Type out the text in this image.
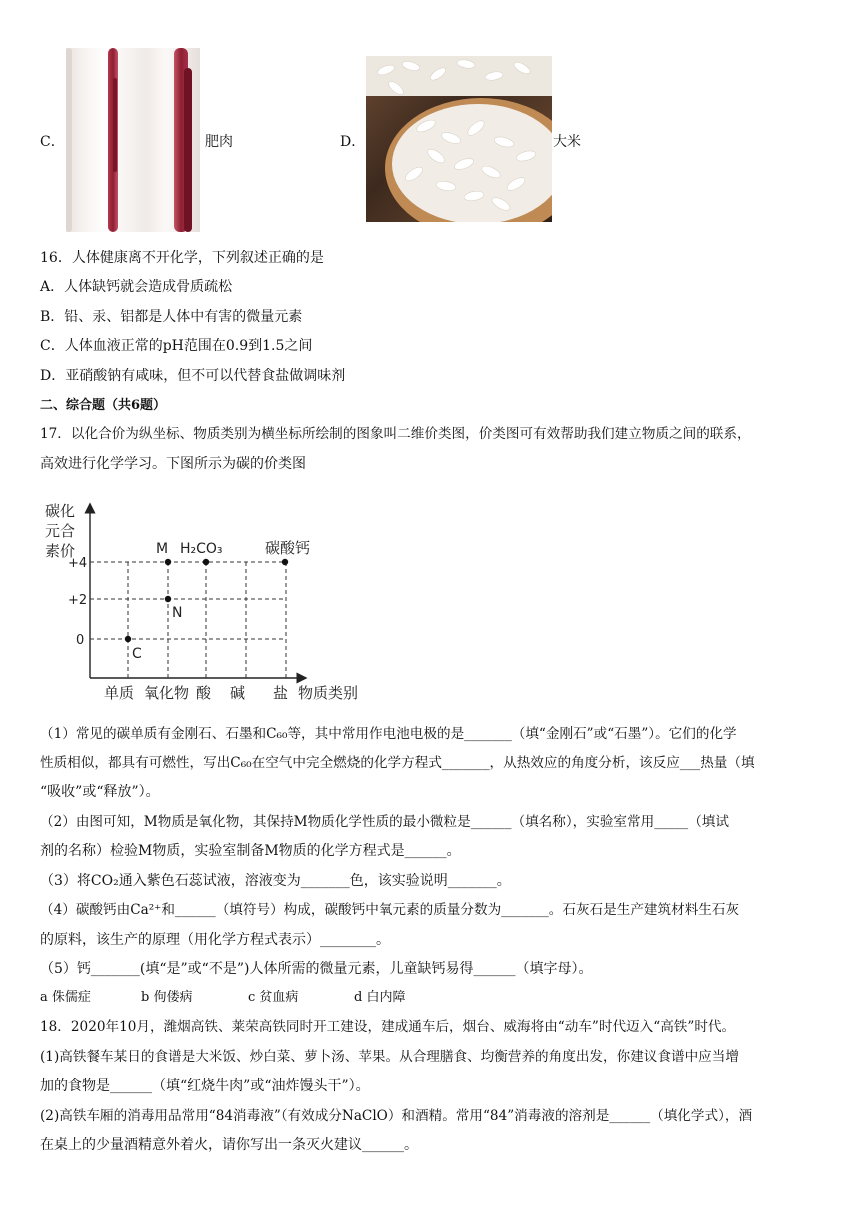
C．	肥肉	D．	大米
16．人体健康离不开化学，下列叙述正确的是
A．人体缺钙就会造成骨质疏松
B．铅、汞、铝都是人体中有害的微量元素
C．人体血液正常的pH范围在0.9到1.5之间
D．亚硝酸钠有咸味，但不可以代替食盐做调味剂
二、综合题（共6题）
17．以化合价为纵坐标、物质类别为横坐标所绘制的图象叫二维价类图，价类图可有效帮助我们建立物质之间的联系，
高效进行化学学习。下图所示为碳的价类图
碳化
元合
素价
+4
+2
0
单质 氧化物 酸 碱 盐
C
N
M H₂CO₃	碳酸钙
物质类别
（1）常见的碳单质有金刚石、石墨和C₆₀等，其中常用作电池电极的是_______（填“金刚石”或“石墨”）。它们的化学
性质相似，都具有可燃性，写出C₆₀在空气中完全燃烧的化学方程式_______，从热效应的角度分析，该反应___热量（填
“吸收”或“释放”）。
（2）由图可知，M物质是氧化物，其保持M物质化学性质的最小微粒是______（填名称），实验室常用_____（填试
剂的名称）检验M物质，实验室制备M物质的化学方程式是______。
（3）将CO₂通入紫色石蕊试液，溶液变为_______色，该实验说明_______。
（4）碳酸钙由Ca²⁺和______（填符号）构成，碳酸钙中氧元素的质量分数为_______。石灰石是生产建筑材料生石灰
的原料，该生产的原理（用化学方程式表示）________。
（5）钙_______(填“是”或“不是”)人体所需的微量元素，儿童缺钙易得______（填字母）。
a 侏儒症	b 佝偻病	c 贫血病	d 白内障
18．2020年10月，潍烟高铁、莱荣高铁同时开工建设，建成通车后，烟台、威海将由“动车”时代迈入“高铁”时代。
(1)高铁餐车某日的食谱是大米饭、炒白菜、萝卜汤、苹果。从合理膳食、均衡营养的角度出发，你建议食谱中应当增
加的食物是______（填“红烧牛肉”或“油炸馒头干”）。
(2)高铁车厢的消毒用品常用“84消毒液”（有效成分NaClO）和酒精。常用“84”消毒液的溶剂是______（填化学式），酒
在桌上的少量酒精意外着火，请你写出一条灭火建议______。
